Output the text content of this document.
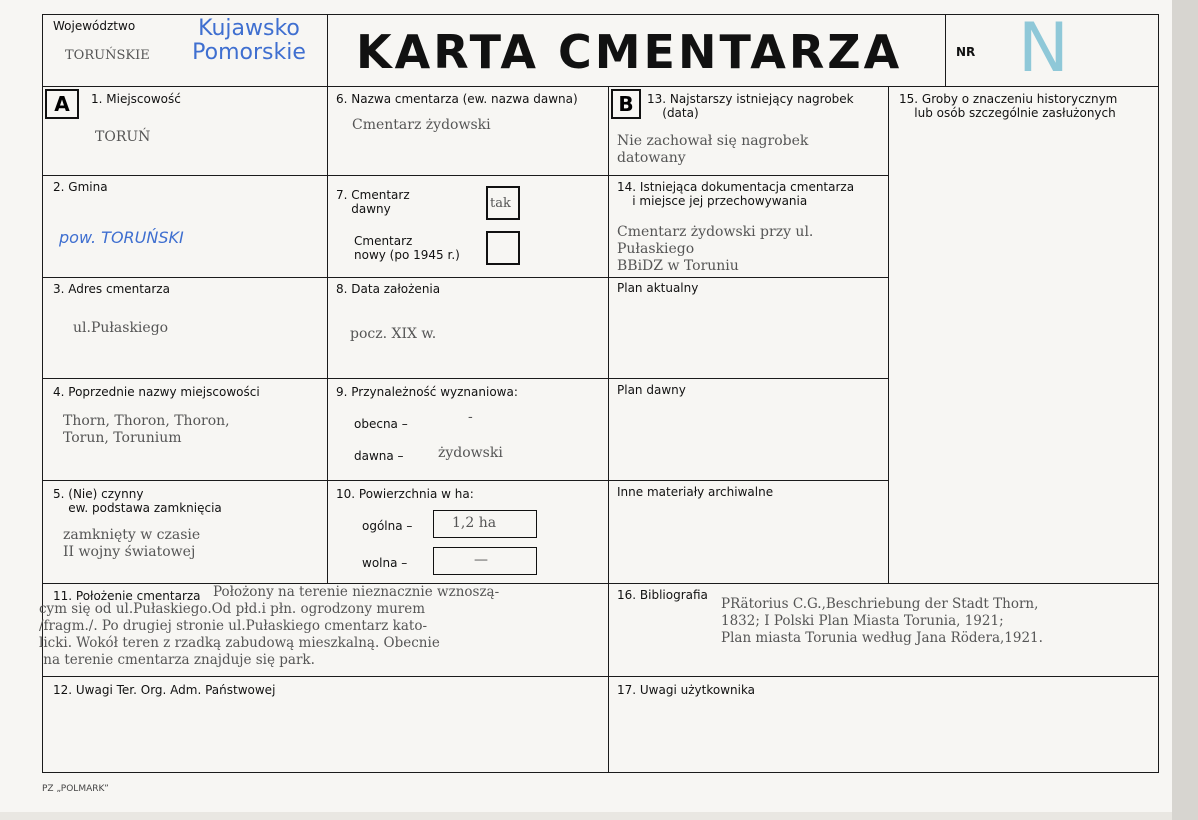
Województwo
TORUŃSKIE
Kujawsko Pomorskie	KARTA CMENTARZA	NR N
A	1. Miejscowość
TORUŃ
2. Gmina
pow. TORUŃSKI
3. Adres cmentarza
ul.Pułaskiego
4. Poprzednie nazwy miejscowości
Thorn, Thoron, Thoron,
Torun, Torunium
5. (Nie) czynny
ew. podstawa zamknięcia
zamknięty w czasie
II wojny światowej
6. Nazwa cmentarza (ew. nazwa dawna)
Cmentarz żydowski
7. Cmentarz
dawny	tak
Cmentarz
nowy (po 1945 r.)
8. Data założenia
pocz. XIX w.
9. Przynależność wyznaniowa:
obecna –	-
dawna – żydowski
10. Powierzchnia w ha:
ogólna –	1,2 ha
wolna –	—
B	13. Najstarszy istniejący nagrobek
(data)
Nie zachował się nagrobek
datowany
14. Istniejąca dokumentacja cmentarza
i miejsce jej przechowywania
Cmentarz żydowski przy ul.
Pułaskiego
BBiDZ w Toruniu
Plan aktualny
Plan dawny
Inne materiały archiwalne
15. Groby o znaczeniu historycznym
lub osób szczególnie zasłużonych
11. Położenie cmentarza Położony na terenie nieznacznie wznoszą-
cym się od ul.Pułaskiego.Od płd.i płn. ogrodzony murem
/fragm./. Po drugiej stronie ul.Pułaskiego cmentarz kato-
licki. Wokół teren z rzadką zabudową mieszkalną. Obecnie
na terenie cmentarza znajduje się park.
16. Bibliografia
PRätorius C.G.,Beschriebung der Stadt Thorn,
1832; I Polski Plan Miasta Torunia, 1921;
Plan miasta Torunia według Jana Rödera,1921.
12. Uwagi Ter. Org. Adm. Państwowej	17. Uwagi użytkownika
PZ „POLMARK”
